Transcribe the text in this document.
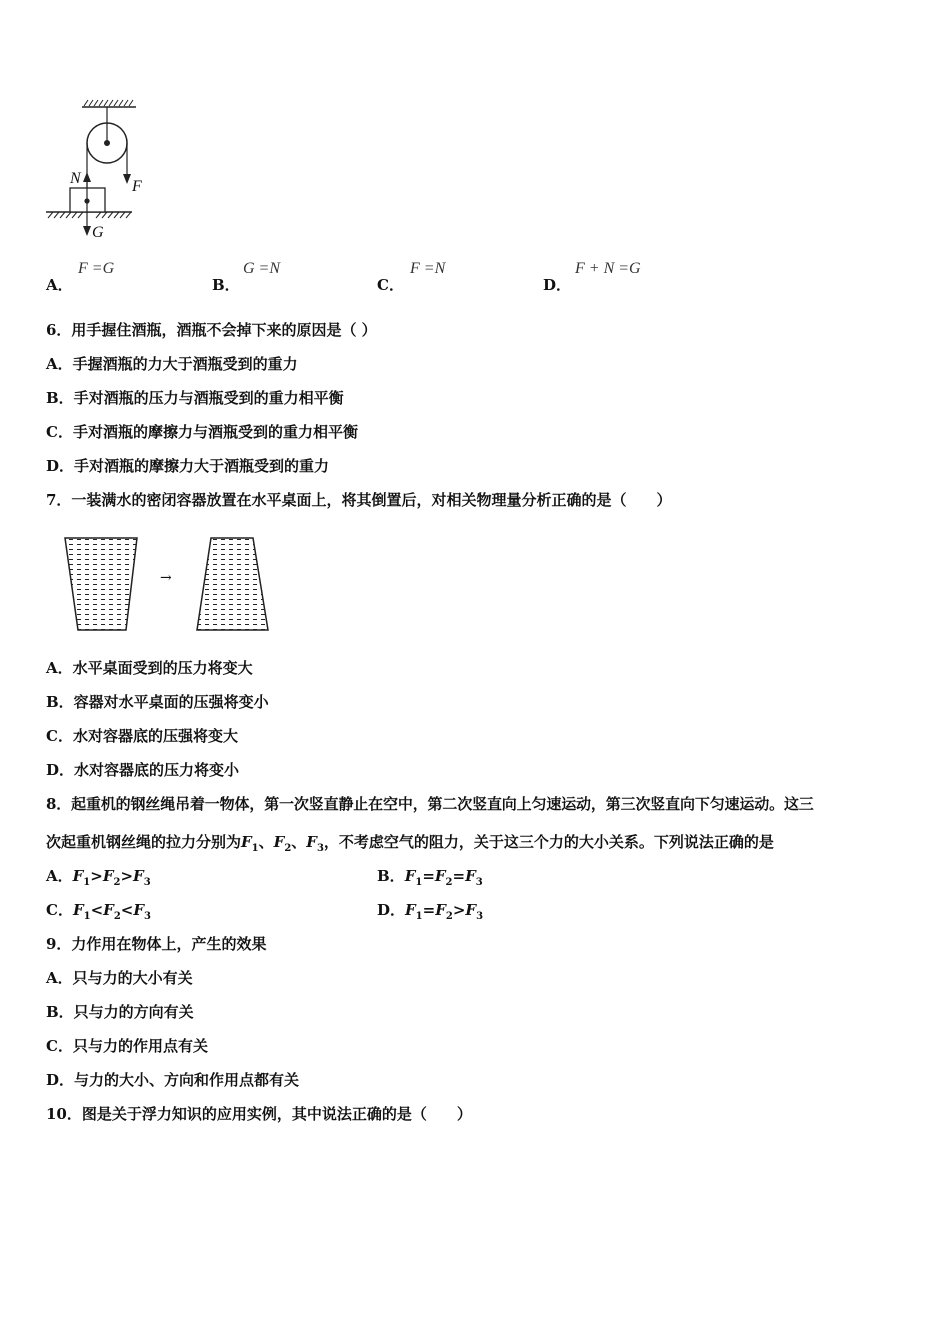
N	F
G
A．
F =G
B．
G =N
C．
F =N
D．
F + N =G
6．用手握住酒瓶，酒瓶不会掉下来的原因是（ ）
A．手握酒瓶的力大于酒瓶受到的重力
B．手对酒瓶的压力与酒瓶受到的重力相平衡
C．手对酒瓶的摩擦力与酒瓶受到的重力相平衡
D．手对酒瓶的摩擦力大于酒瓶受到的重力
7．一装满水的密闭容器放置在水平桌面上，将其倒置后，对相关物理量分析正确的是（　　）
→
A．水平桌面受到的压力将变大
B．容器对水平桌面的压强将变小
C．水对容器底的压强将变大
D．水对容器底的压力将变小
8．起重机的钢丝绳吊着一物体，第一次竖直静止在空中，第二次竖直向上匀速运动，第三次竖直向下匀速运动。这三
次起重机钢丝绳的拉力分别为$F_1$、$F_2$、$F_3$，不考虑空气的阻力，关于这三个力的大小关系。下列说法正确的是
A．$F_1>F_2>F_3$	B．$F_1=F_2=F_3$
C．$F_1<F_2<F_3$	D．$F_1=F_2>F_3$
9．力作用在物体上，产生的效果
A．只与力的大小有关
B．只与力的方向有关
C．只与力的作用点有关
D．与力的大小、方向和作用点都有关
10．图是关于浮力知识的应用实例，其中说法正确的是（　　）
